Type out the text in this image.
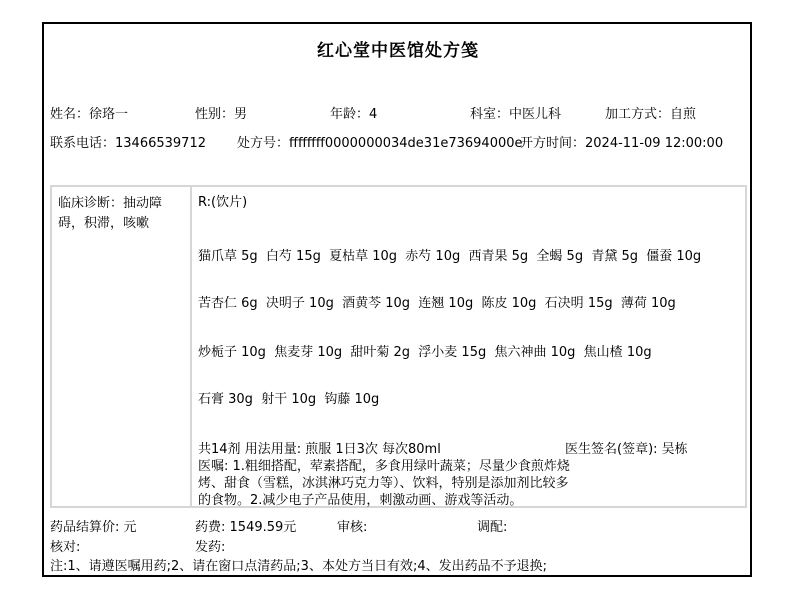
红心堂中医馆处方笺
姓名：徐珞一	性别：男	年龄：4	科室：中医儿科	加工方式：自煎
联系电话：13466539712 处方号：ffffffff0000000034de31e73694000e
开方时间：2024-11-09 12:00:00
临床诊断：抽动障碍，积滞，咳嗽
R:(饮片)
猫爪草 5g  白芍 15g  夏枯草 10g  赤芍 10g  西青果 5g  全蝎 5g  青黛 5g  僵蚕 10g
苦杏仁 6g  决明子 10g  酒黄芩 10g  连翘 10g  陈皮 10g  石决明 15g  薄荷 10g
炒栀子 10g  焦麦芽 10g  甜叶菊 2g  浮小麦 15g  焦六神曲 10g  焦山楂 10g
石膏 30g  射干 10g  钩藤 10g
共14剂 用法用量: 煎服 1日3次 每次80ml	医生签名(签章): 吴栋
医嘱: 1.粗细搭配，荤素搭配，多食用绿叶蔬菜；尽量少食煎炸烧
烤、甜食（雪糕，冰淇淋巧克力等）、饮料，特别是添加剂比较多
的食物。2.减少电子产品使用，刺激动画、游戏等活动。
药品结算价: 元	药费: 1549.59元	审核:	调配:
核对:	发药:
注:1、请遵医嘱用药;2、请在窗口点清药品;3、本处方当日有效;4、发出药品不予退换;
